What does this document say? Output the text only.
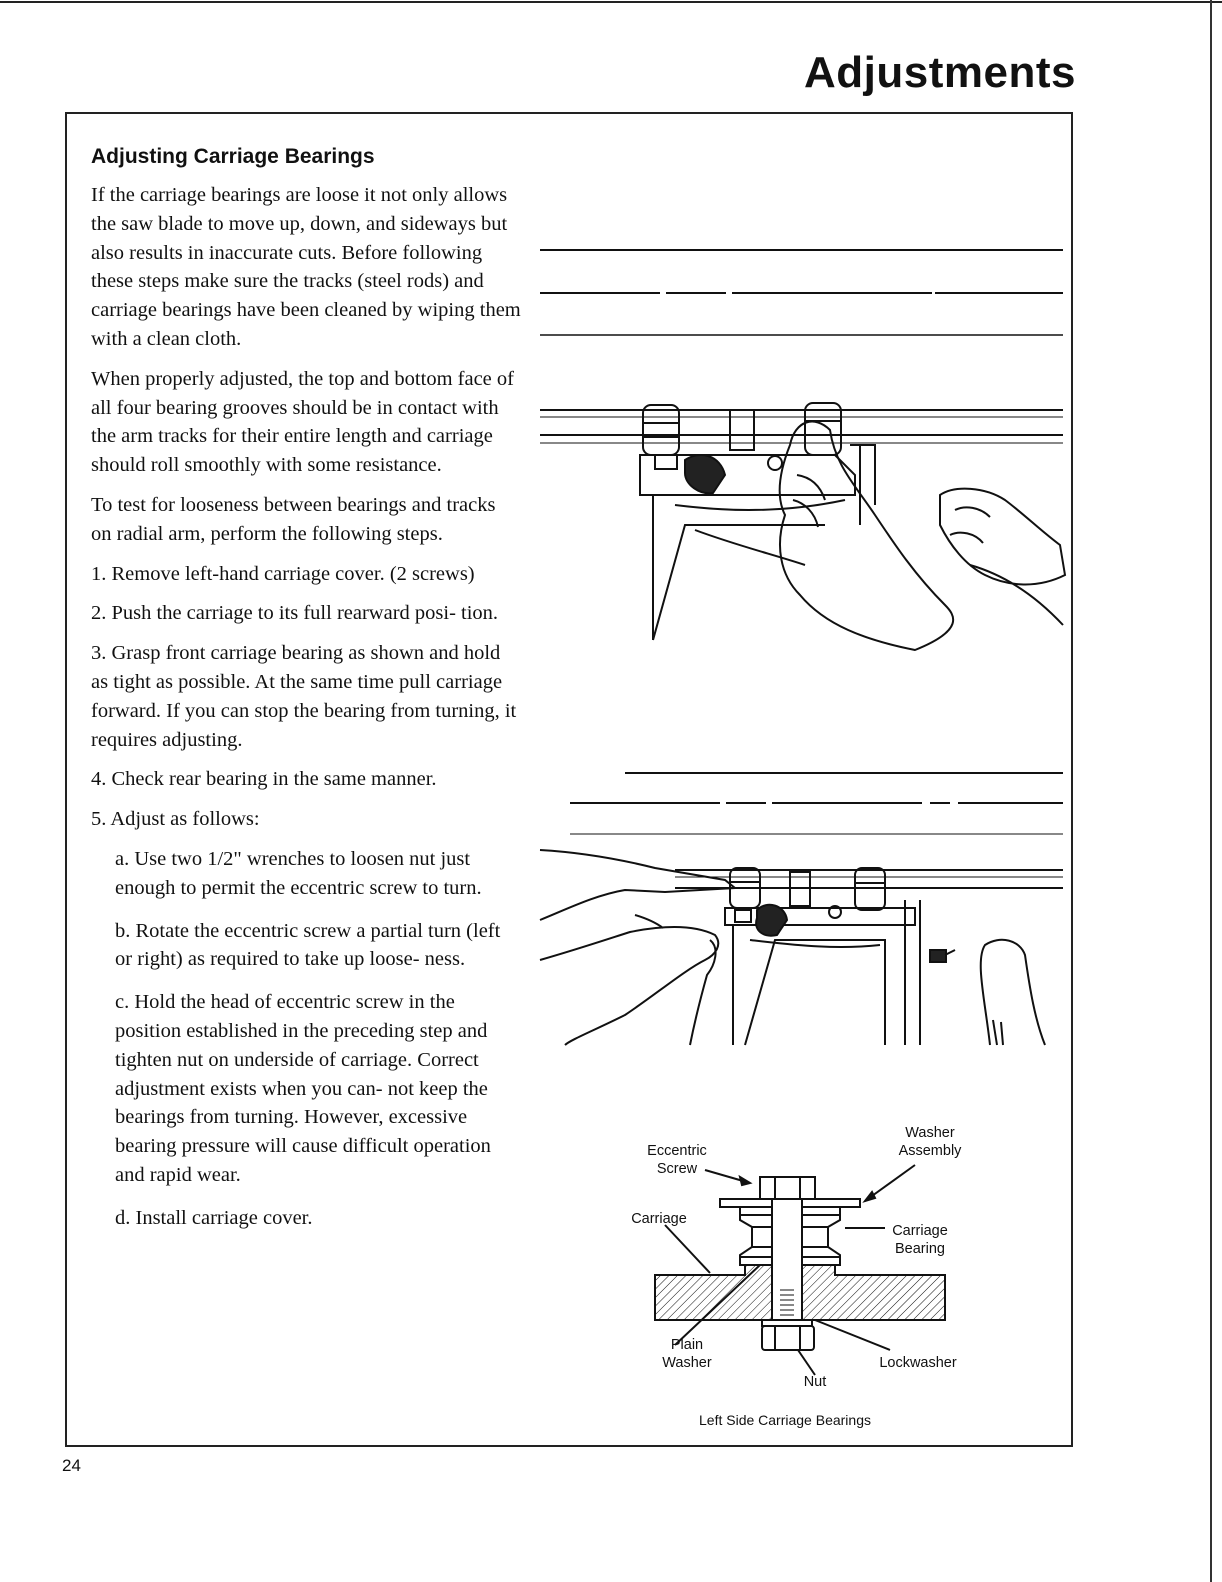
Adjustments
Adjusting Carriage Bearings

If the carriage bearings are loose it not only allows the saw blade to move up, down, and sideways but also results in inaccurate cuts. Before following these steps make sure the tracks (steel rods) and carriage bearings have been cleaned by wiping them with a clean cloth.

When properly adjusted, the top and bottom face of all four bearing grooves should be in contact with the arm tracks for their entire length and carriage should roll smoothly with some resistance.

To test for looseness between bearings and tracks on radial arm, perform the following steps.

1. Remove left-hand carriage cover. (2 screws)

2. Push the carriage to its full rearward posi- tion.

3. Grasp front carriage bearing as shown and hold as tight as possible. At the same time pull carriage forward. If you can stop the bearing from turning, it requires adjusting.

4. Check rear bearing in the same manner.

5. Adjust as follows:

a. Use two 1/2" wrenches to loosen nut just enough to permit the eccentric screw to turn.

b. Rotate the eccentric screw a partial turn (left or right) as required to take up loose- ness.

c. Hold the head of eccentric screw in the position established in the preceding step and tighten nut on underside of carriage. Correct adjustment exists when you can- not keep the bearings from turning. However, excessive bearing pressure will cause difficult operation and rapid wear.

d. Install carriage cover.

Eccentric Screw
Washer Assembly
Carriage
Carriage Bearing
Plain Washer	Lockwasher
Nut
Left Side Carriage Bearings
24
